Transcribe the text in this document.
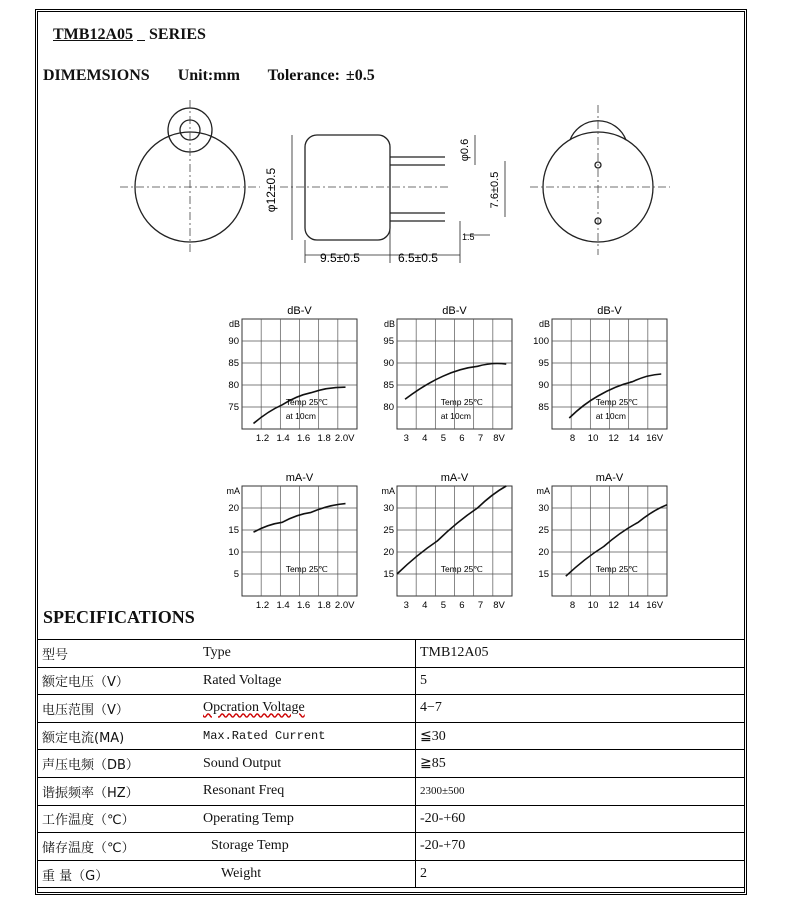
TMB12A05 SERIES
DIMEMSIONS Unit:mm Tolerance: ±0.5
φ12±0.5
φ0.6
7.6±0.5
1.5
9.5±0.5	6.5±0.5
dB-V
dB
90
85
80
75
1.2 1.4 1.6 1.8 2.0V
Temp 25℃
at 10cm
dB-V
dB
95
90
85
80
3 4 5 6 7 8V
Temp 25℃
at 10cm
dB-V
dB
100
95
90
85
8 10 12 14 16V
Temp 25℃
at 10cm
mA-V
mA
20
15
10
5
1.2 1.4 1.6 1.8 2.0V
Temp 25℃
mA-V
mA
30
25
20
15
3 4 5 6 7 8V
Temp 25℃
mA-V
mA
30
25
20
15
8 10 12 14 16V
Temp 25℃
SPECIFICATIONS
型号	Type	TMB12A05
额定电压（V）	Rated Voltage	5
电压范围（V）	Opcration Voltage	4−7
额定电流(MA)	Max.Rated Current	≦30
声压电频（DB）	Sound Output	≧85
谐振频率（HZ）	Resonant Freq	2300±500
工作温度（℃）	Operating Temp	-20-+60
储存温度（℃）	Storage Temp	-20-+70
重 量（G）	Weight	2
